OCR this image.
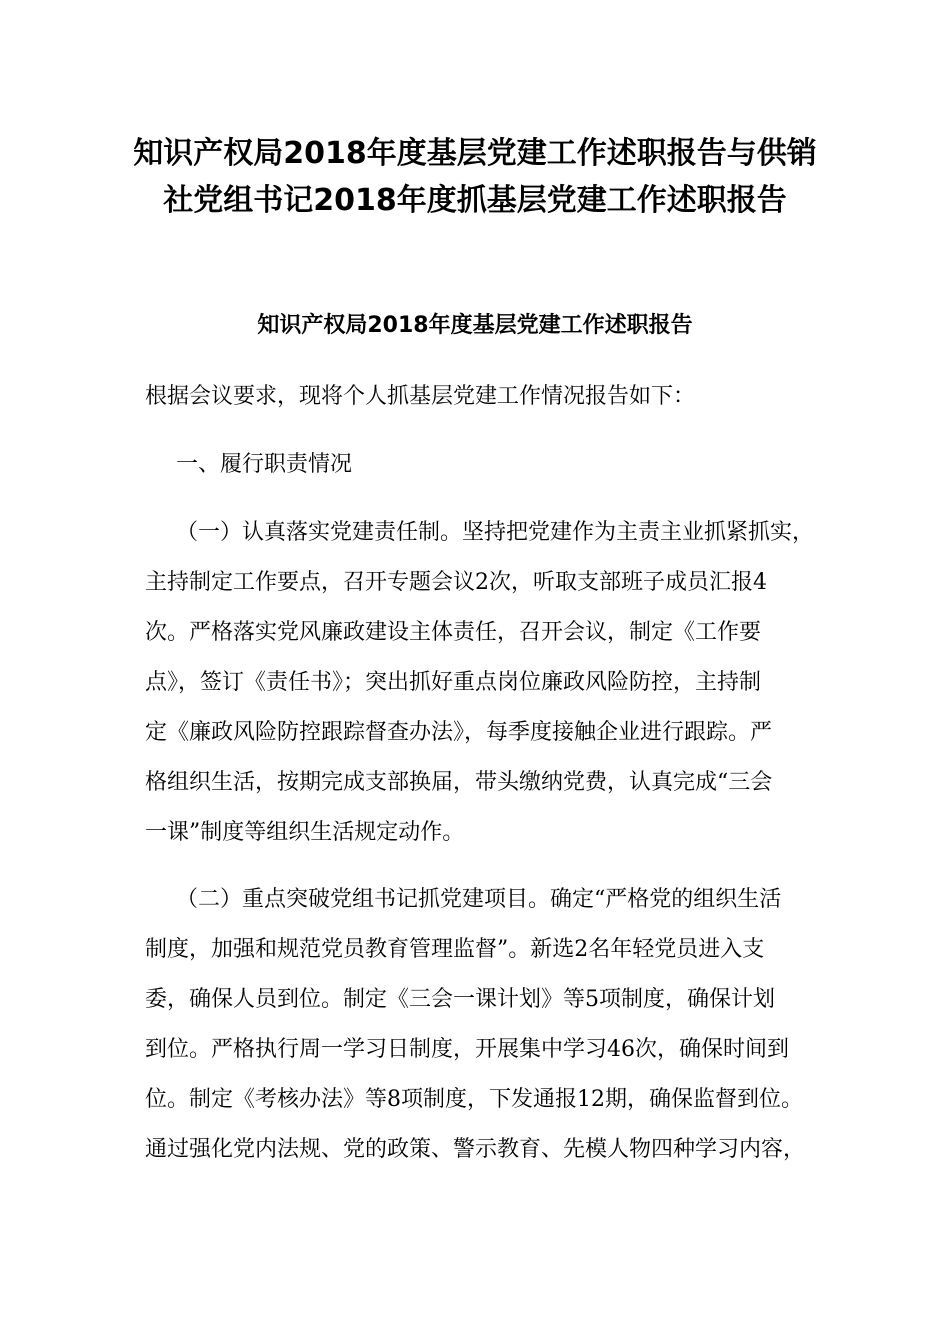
知识产权局2018年度基层党建工作述职报告与供销
社党组书记2018年度抓基层党建工作述职报告
知识产权局2018年度基层党建工作述职报告
根据会议要求，现将个人抓基层党建工作情况报告如下：
一、履行职责情况
（一）认真落实党建责任制。坚持把党建作为主责主业抓紧抓实，
主持制定工作要点，召开专题会议2次，听取支部班子成员汇报4
次。严格落实党风廉政建设主体责任，召开会议，制定《工作要
点》，签订《责任书》；突出抓好重点岗位廉政风险防控，主持制
定《廉政风险防控跟踪督查办法》，每季度接触企业进行跟踪。严
格组织生活，按期完成支部换届，带头缴纳党费，认真完成“三会
一课”制度等组织生活规定动作。
（二）重点突破党组书记抓党建项目。确定“严格党的组织生活
制度，加强和规范党员教育管理监督”。新选2名年轻党员进入支
委，确保人员到位。制定《三会一课计划》等5项制度，确保计划
到位。严格执行周一学习日制度，开展集中学习46次，确保时间到
位。制定《考核办法》等8项制度，下发通报12期，确保监督到位。
通过强化党内法规、党的政策、警示教育、先模人物四种学习内容，
